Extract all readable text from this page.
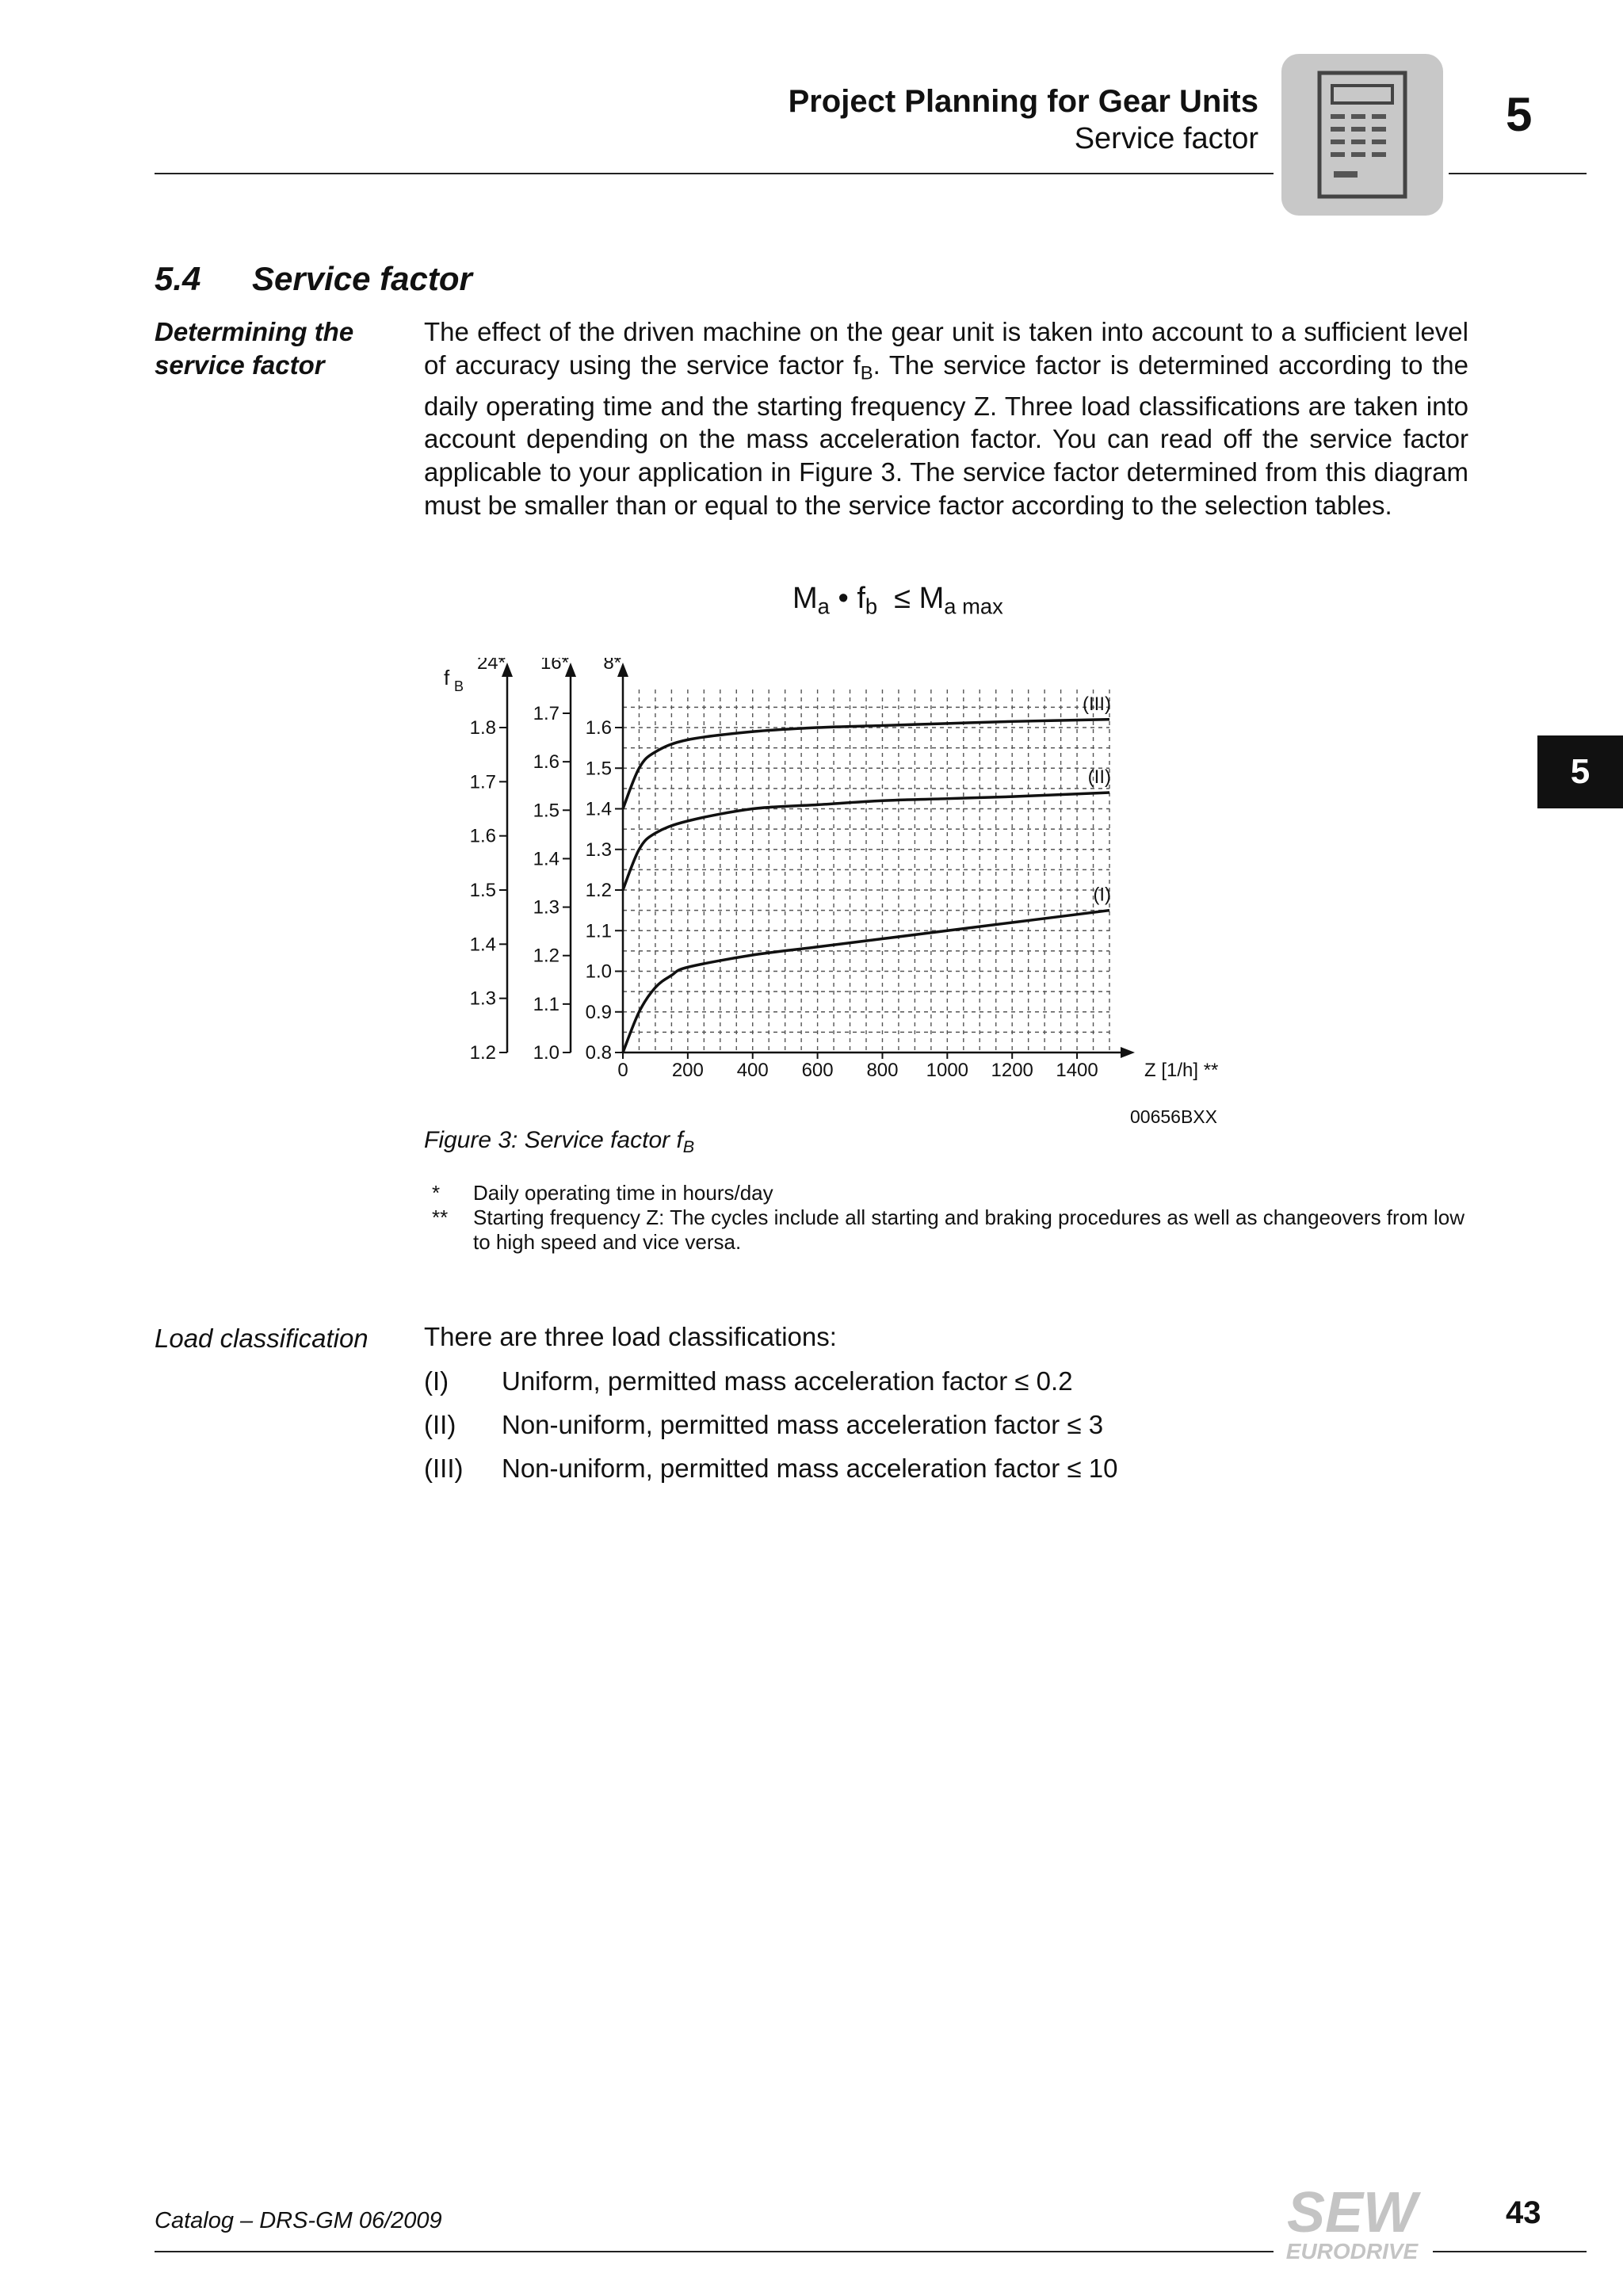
Project Planning for Gear Units
Service factor	5
5
5.4 Service factor
Determining the
service factor

The effect of the driven machine on the gear unit is taken into account to a sufficient level of accuracy using the service factor $f_B$. The service factor is determined according to the daily operating time and the starting frequency Z. Three load classifications are taken into account depending on the mass acceleration factor. You can read off the service factor applicable to your application in Figure 3. The service factor determined from this diagram must be smaller than or equal to the service factor according to the selection tables.

$M_a$ • $f_b \le M_{a max}$
24*
1.8
1.7
1.6
1.5
1.4
1.3
1.2
16*
1.7
1.6
1.5
1.4
1.3
1.2
1.1
1.0
8*
1.6
1.5
1.4
1.3
1.2
1.1
1.0
0.9
0.8
f B
0 200 400 600 800 1000 1200 1400 Z [1/h] **
(III)
(II)
(I)
00656BXX
Figure 3: Service factor $f_B$
* Daily operating time in hours/day
** Starting frequency Z: The cycles include all starting and braking procedures as well as changeovers from low to high speed and vice versa.
Load classification	There are three load classifications:
(I) Uniform, permitted mass acceleration factor ≤ 0.2
(II) Non-uniform, permitted mass acceleration factor ≤ 3
(III) Non-uniform, permitted mass acceleration factor ≤ 10
Catalog – DRS-GM 06/2009	SEW
EURODRIVE
43
